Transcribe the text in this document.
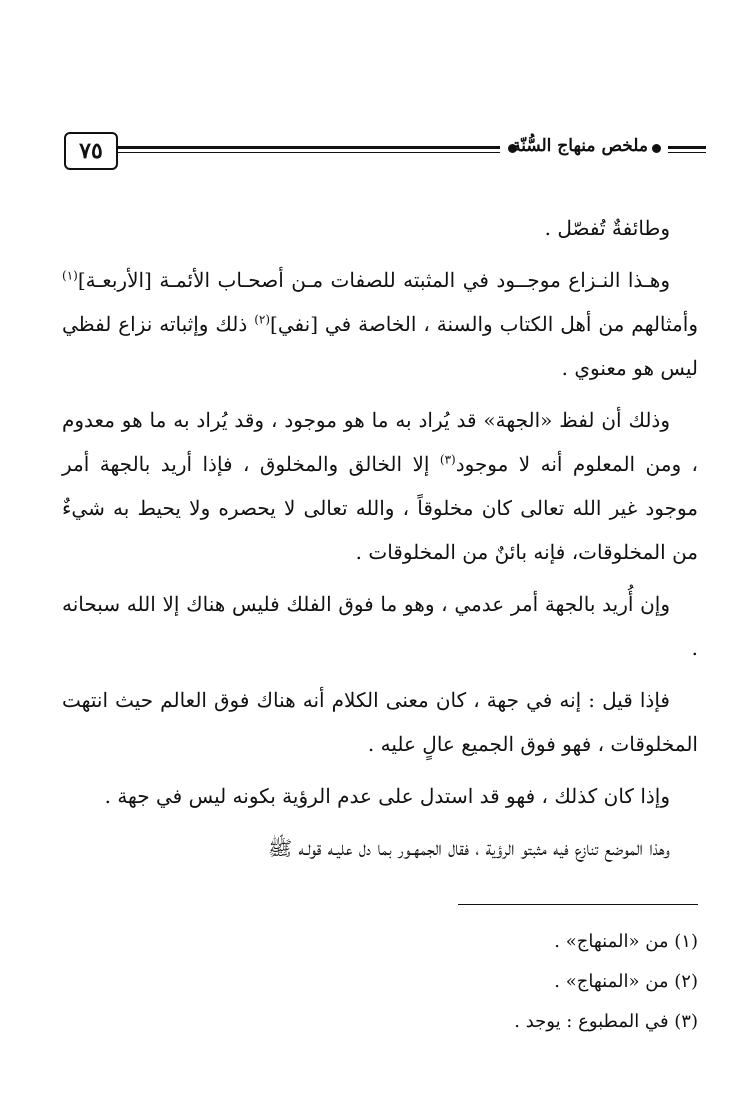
٧٥	ملخص منهاج السُّنّة

وطائفةٌ تُفصّل .

وهـذا النـزاع موجــود في المثبته للصفات مـن أصحـاب الأئمـة [الأربعـة]$^{(١)}$ وأمثالهم من أهل الكتاب والسنة ، الخاصة في [نفي]$^{(٢)}$ ذلك وإثباته نزاع لفظي ليس هو معنوي .

وذلك أن لفظ «الجهة» قد يُراد به ما هو موجود ، وقد يُراد به ما هو معدوم ، ومن المعلوم أنه لا موجود$^{(٣)}$ إلا الخالق والمخلوق ، فإذا أريد بالجهة أمر موجود غير الله تعالى كان مخلوقاً ، والله تعالى لا يحصره ولا يحيط به شيءٌ من المخلوقات، فإنه بائنٌ من المخلوقات .

وإن أُريد بالجهة أمر عدمي ، وهو ما فوق الفلك فليس هناك إلا الله سبحانه .

فإذا قيل : إنه في جهة ، كان معنى الكلام أنه هناك فوق العالم حيث انتهت المخلوقات ، فهو فوق الجميع عالٍ عليه .

وإذا كان كذلك ، فهو قد استدل على عدم الرؤية بكونه ليس في جهة .

وهذا الموضع تنازع فيه مثبتو الرؤية ، فقال الجمهـور بما دل عليـه قولـه ﷺ

(١) من «المنهاج» .

(٢) من «المنهاج» .

(٣) في المطبوع : يوجد .
